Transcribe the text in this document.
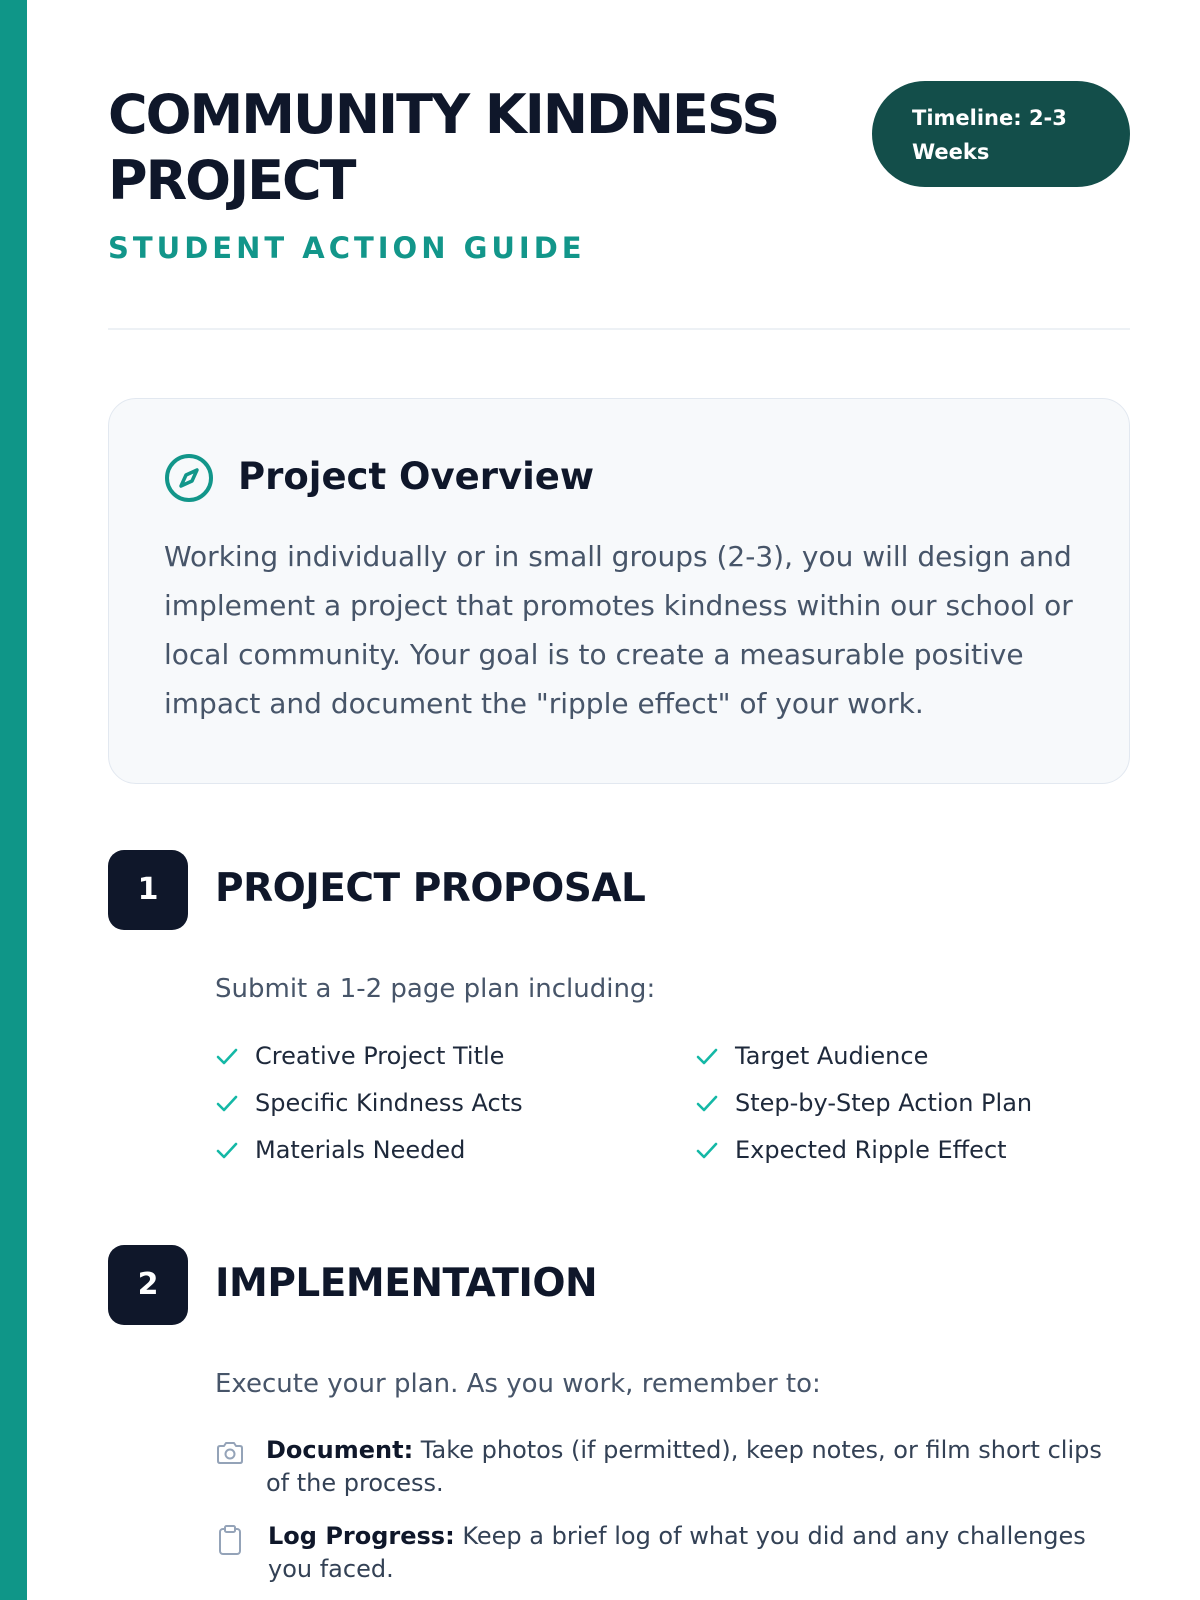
COMMUNITY KINDNESS PROJECT

STUDENT ACTION GUIDE

Timeline: 2-3 Weeks
Project Overview

Working individually or in small groups (2-3), you will design and implement a project that promotes kindness within our school or local community. Your goal is to create a measurable positive impact and document the "ripple effect" of your work.

1	PROJECT PROPOSAL

Submit a 1-2 page plan including:

Creative Project Title	Target Audience
Specific Kindness Acts	Step-by-Step Action Plan
Materials Needed	Expected Ripple Effect
2	IMPLEMENTATION

Execute your plan. As you work, remember to:

Document: Take photos (if permitted), keep notes, or film short clips of the process.
Log Progress: Keep a brief log of what you did and any challenges you faced.
